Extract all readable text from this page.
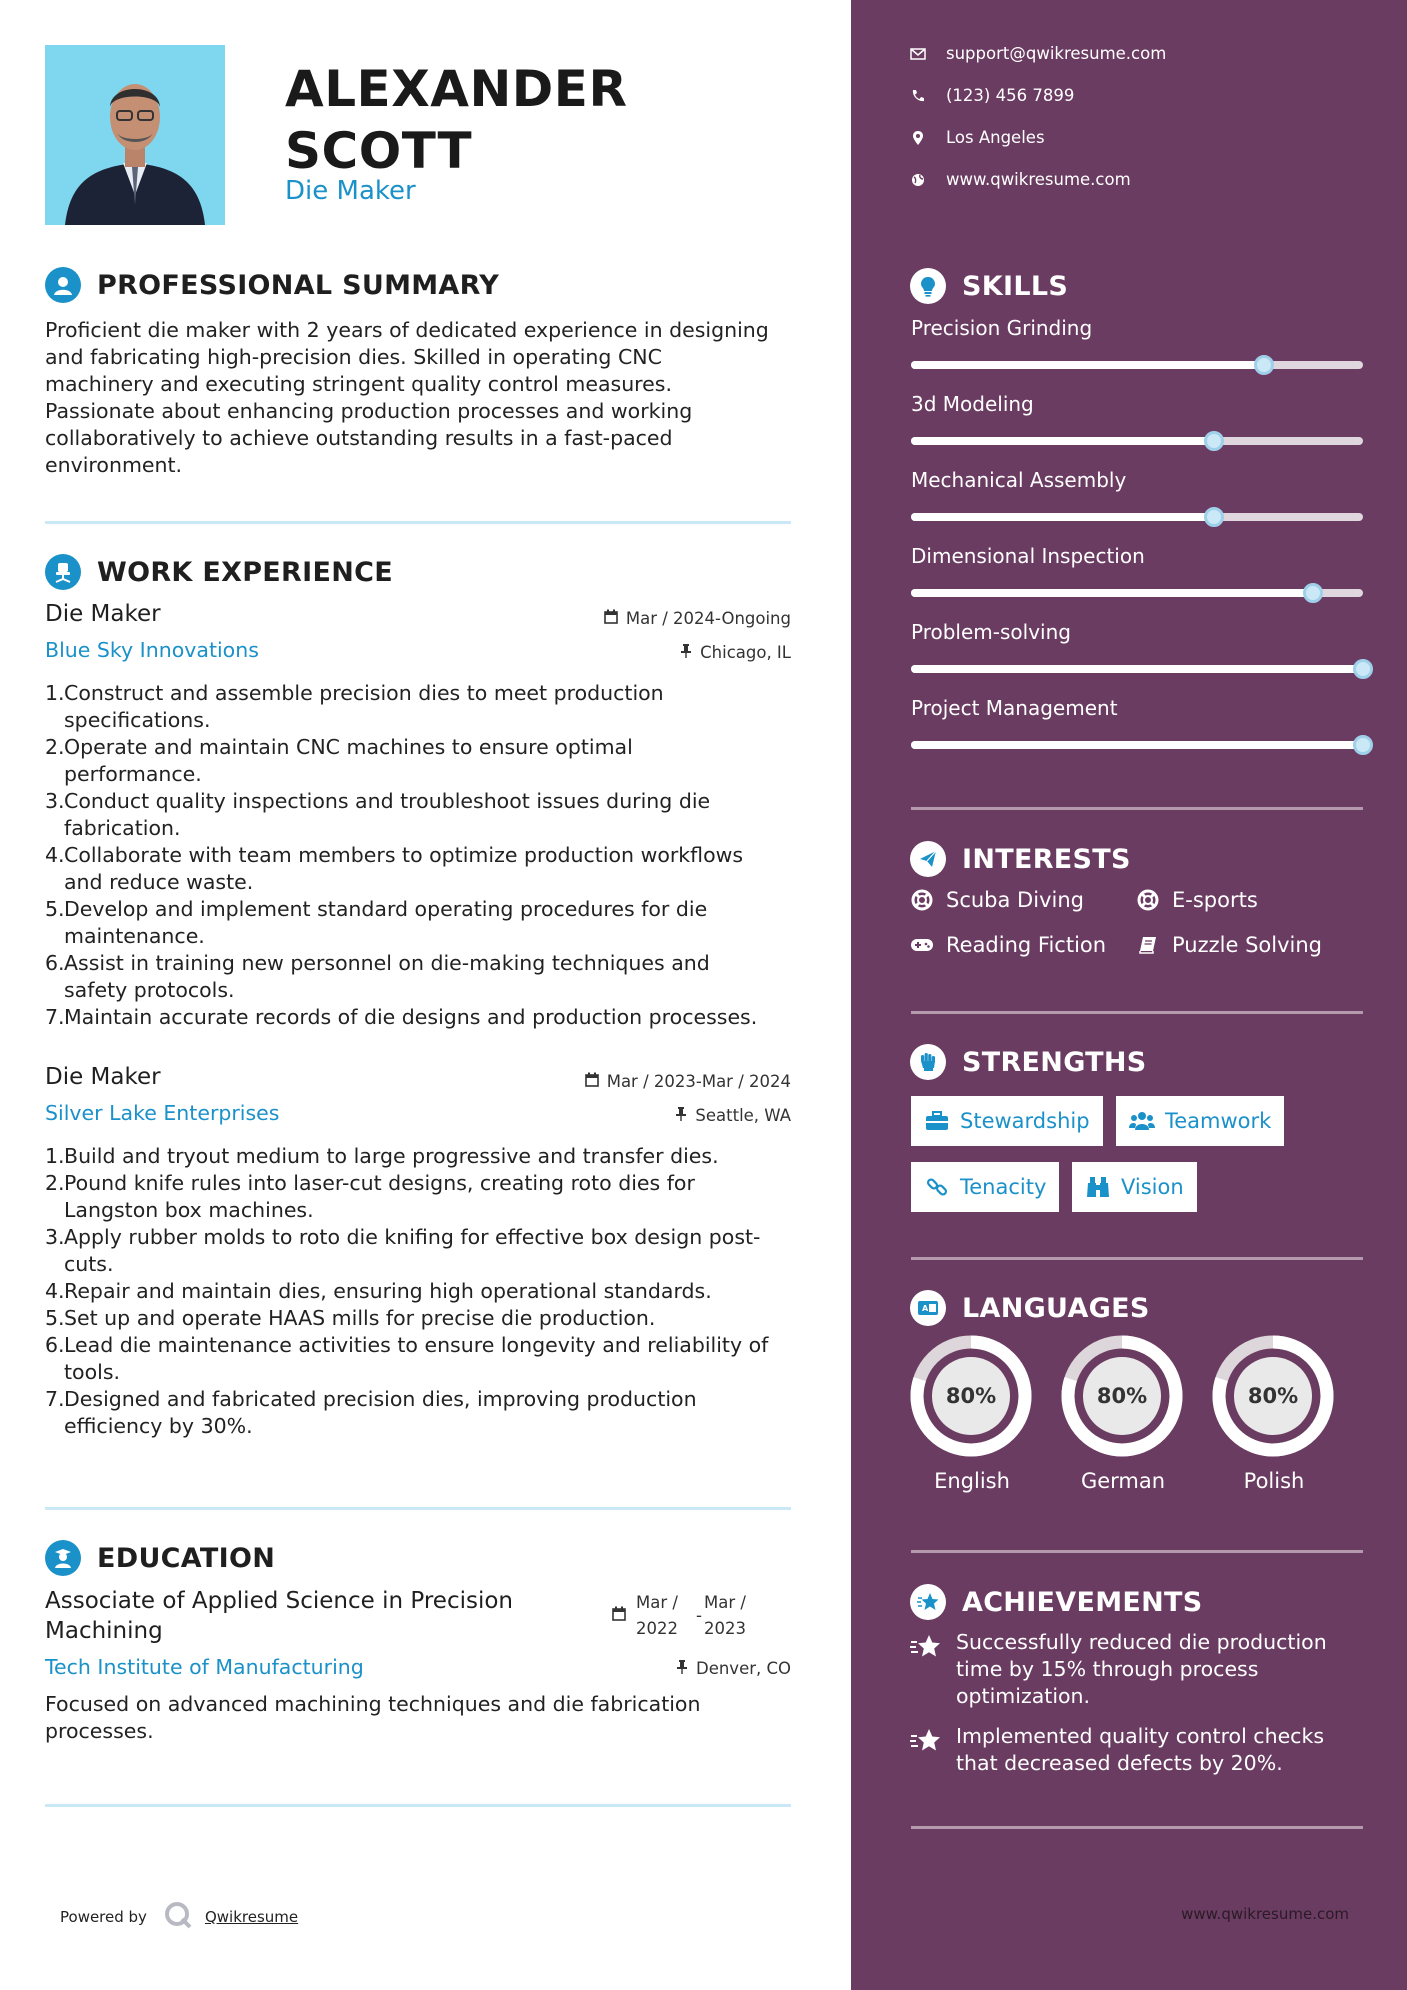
ALEXANDER
SCOTT
Die Maker
PROFESSIONAL SUMMARY
Proficient die maker with 2 years of dedicated experience in designing
and fabricating high-precision dies. Skilled in operating CNC
machinery and executing stringent quality control measures.
Passionate about enhancing production processes and working
collaboratively to achieve outstanding results in a fast-paced
environment.
WORK EXPERIENCE
Die Maker	Mar / 2024-Ongoing
Blue Sky Innovations	Chicago, IL
1. Construct and assemble precision dies to meet production
specifications.
2. Operate and maintain CNC machines to ensure optimal
performance.
3. Conduct quality inspections and troubleshoot issues during die
fabrication.
4. Collaborate with team members to optimize production workflows
and reduce waste.
5. Develop and implement standard operating procedures for die
maintenance.
6. Assist in training new personnel on die-making techniques and
safety protocols.
7. Maintain accurate records of die designs and production processes.
Die Maker	Mar / 2023-Mar / 2024
Silver Lake Enterprises	Seattle, WA
1. Build and tryout medium to large progressive and transfer dies.
2. Pound knife rules into laser-cut designs, creating roto dies for
Langston box machines.
3. Apply rubber molds to roto die knifing for effective box design post-
cuts.
4. Repair and maintain dies, ensuring high operational standards.
5. Set up and operate HAAS mills for precise die production.
6. Lead die maintenance activities to ensure longevity and reliability of
tools.
7. Designed and fabricated precision dies, improving production
efficiency by 30%.
EDUCATION
Associate of Applied Science in Precision
Machining
Mar /
2022
-
Mar /
2023
Tech Institute of Manufacturing	Denver, CO
Focused on advanced machining techniques and die fabrication
processes.
Powered by	Qwikresume
support@qwikresume.com
(123) 456 7899
Los Angeles
www.qwikresume.com
SKILLS
Precision Grinding
3d Modeling
Mechanical Assembly
Dimensional Inspection
Problem-solving
Project Management
INTERESTS
Scuba Diving	E-sports
Reading Fiction	Puzzle Solving
STRENGTHS
Stewardship	Teamwork
Tenacity	Vision
A LANGUAGES
80%
English
80%
German
80%
Polish
ACHIEVEMENTS
Successfully reduced die production
time by 15% through process
optimization.
Implemented quality control checks
that decreased defects by 20%.
www.qwikresume.com
